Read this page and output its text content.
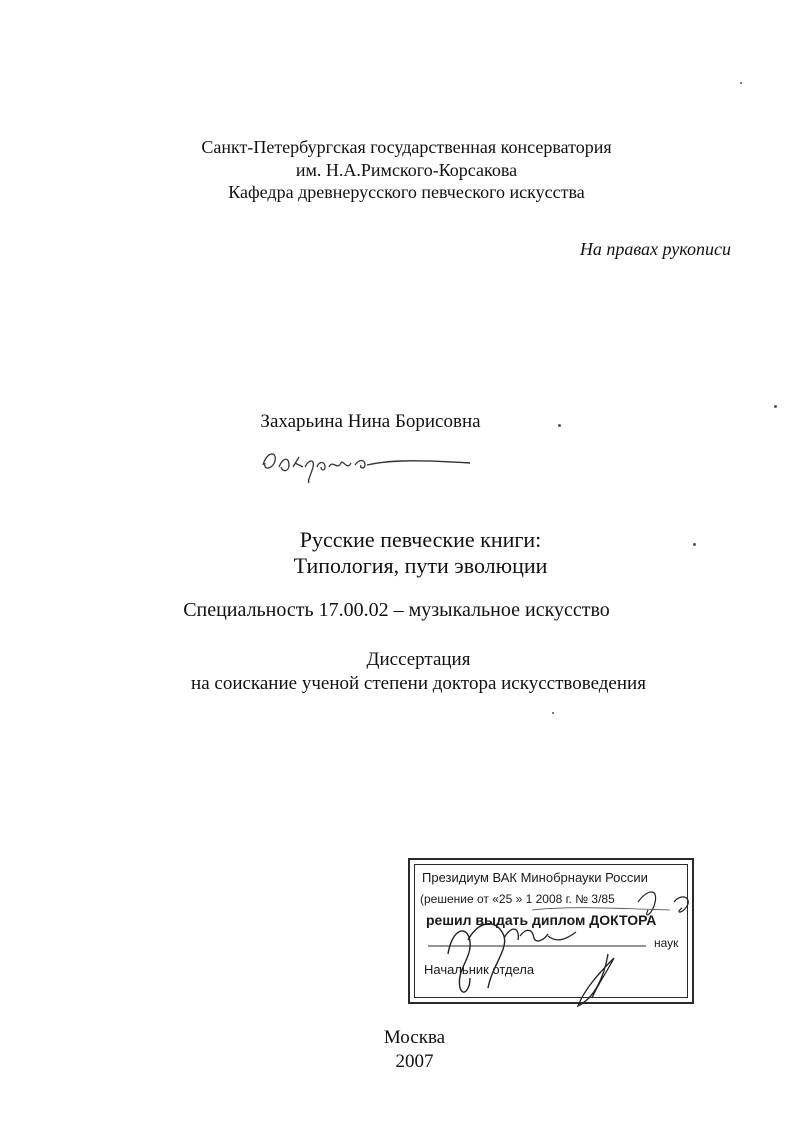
Санкт-Петербургская государственная консерватория
им. Н.А.Римского-Корсакова
Кафедра древнерусского певческого искусства
На правах рукописи
Захарьина Нина Борисовна
Русские певческие книги:
Типология, пути эволюции
Специальность 17.00.02 – музыкальное искусство
Диссертация
на соискание ученой степени доктора искусствоведения
Президиум ВАК Минобрнауки России
(решение от «25 » 1 2008 г. № 3/85
решил выдать диплом ДОКТОРА
наук
Начальник отдела
Москва
2007
